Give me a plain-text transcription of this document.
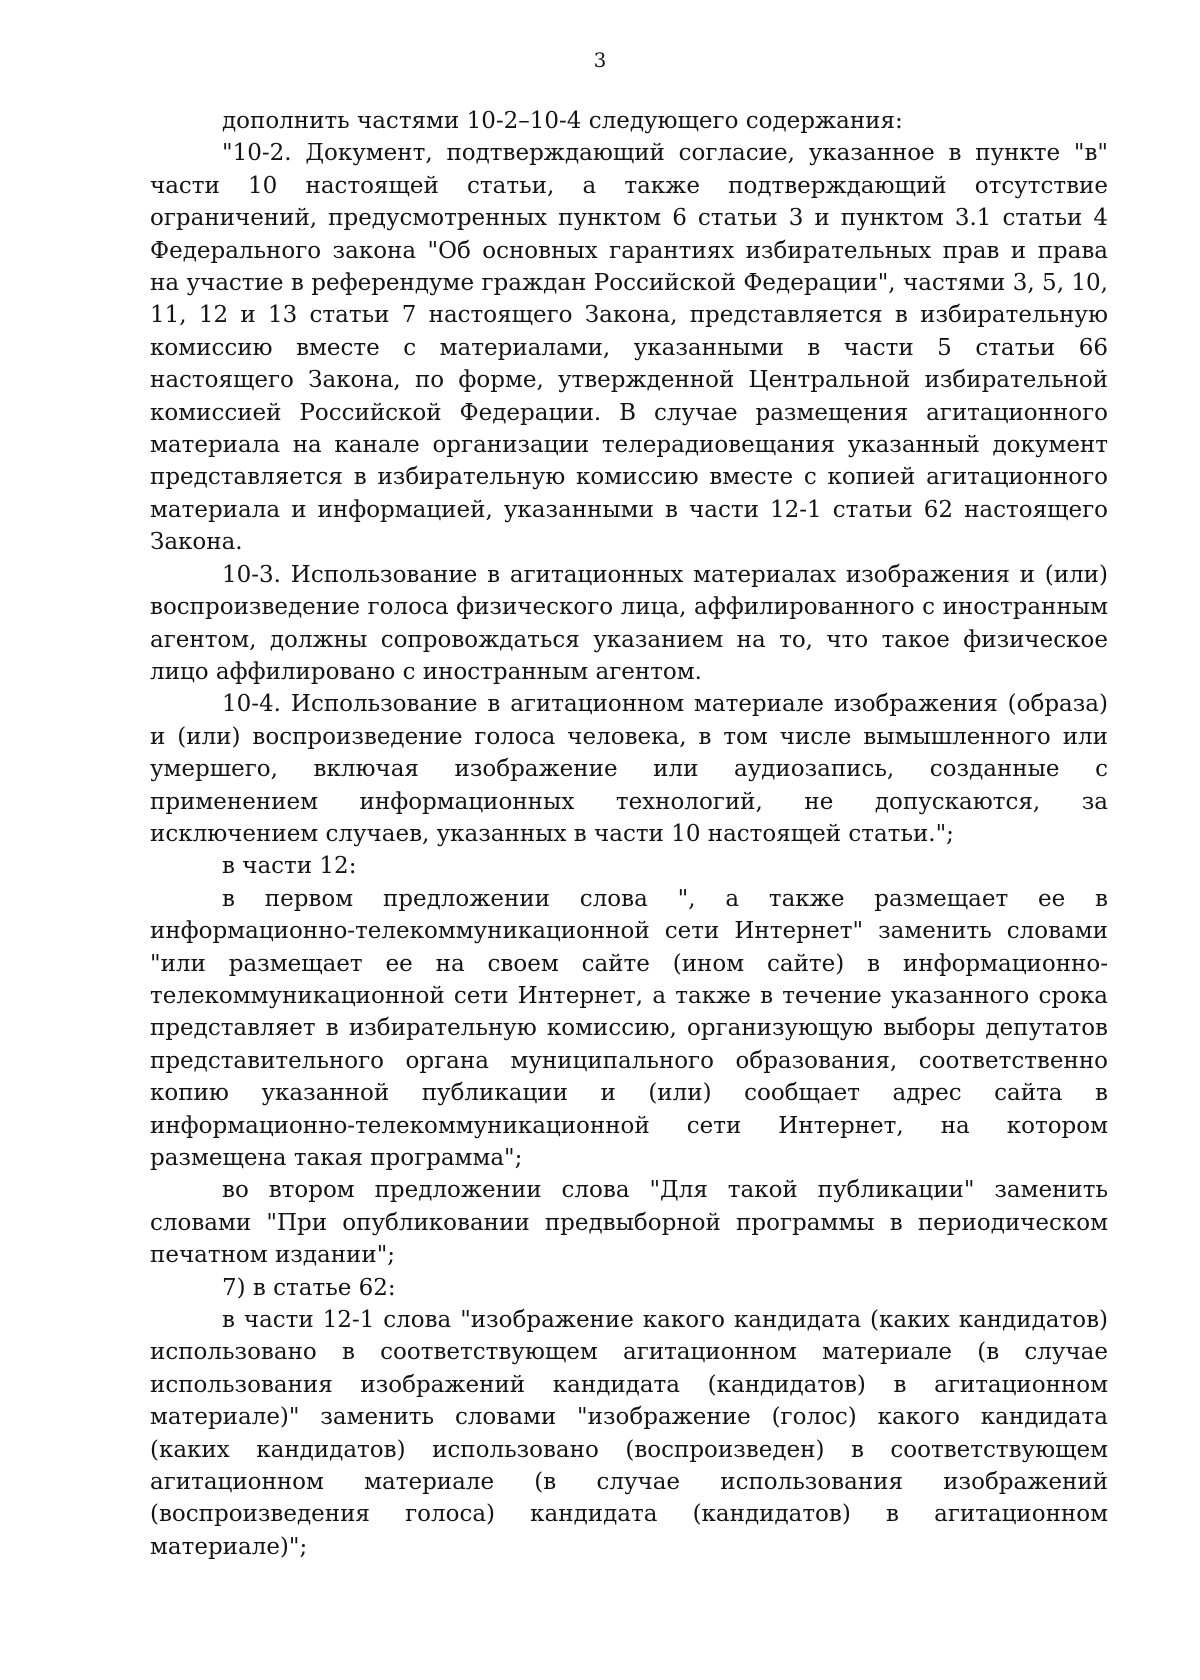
3

дополнить частями 10-2–10-4 следующего содержания:

"10-2. Документ, подтверждающий согласие, указанное в пункте "в" части 10 настоящей статьи, а также подтверждающий отсутствие ограничений, предусмотренных пунктом 6 статьи 3 и пунктом 3.1 статьи 4 Федерального закона "Об основных гарантиях избирательных прав и права на участие в референдуме граждан Российской Федерации", частями 3, 5, 10, 11, 12 и 13 статьи 7 настоящего Закона, представляется в избирательную комиссию вместе с материалами, указанными в части 5 статьи 66 настоящего Закона, по форме, утвержденной Центральной избирательной комиссией Российской Федерации. В случае размещения агитационного материала на канале организации телерадиовещания указанный документ представляется в избирательную комиссию вместе с копией агитационного материала и информацией, указанными в части 12-1 статьи 62 настоящего Закона.

10-3. Использование в агитационных материалах изображения и (или) воспроизведение голоса физического лица, аффилированного с иностранным агентом, должны сопровождаться указанием на то, что такое физическое лицо аффилировано с иностранным агентом.

10-4. Использование в агитационном материале изображения (образа) и (или) воспроизведение голоса человека, в том числе вымышленного или умершего, включая изображение или аудиозапись, созданные с применением информационных технологий, не допускаются, за исключением случаев, указанных в части 10 настоящей статьи.";

в части 12:

в первом предложении слова ", а также размещает ее в информационно-телекоммуникационной сети Интернет" заменить словами "или размещает ее на своем сайте (ином сайте) в информационно-телекоммуникационной сети Интернет, а также в течение указанного срока представляет в избирательную комиссию, организующую выборы депутатов представительного органа муниципального образования, соответственно копию указанной публикации и (или) сообщает адрес сайта в информационно-телекоммуникационной сети Интернет, на котором размещена такая программа";

во втором предложении слова "Для такой публикации" заменить словами "При опубликовании предвыборной программы в периодическом печатном издании";

7) в статье 62:

в части 12-1 слова "изображение какого кандидата (каких кандидатов) использовано в соответствующем агитационном материале (в случае использования изображений кандидата (кандидатов) в агитационном материале)" заменить словами "изображение (голос) какого кандидата (каких кандидатов) использовано (воспроизведен) в соответствующем агитационном материале (в случае использования изображений (воспроизведения голоса) кандидата (кандидатов) в агитационном материале)";
